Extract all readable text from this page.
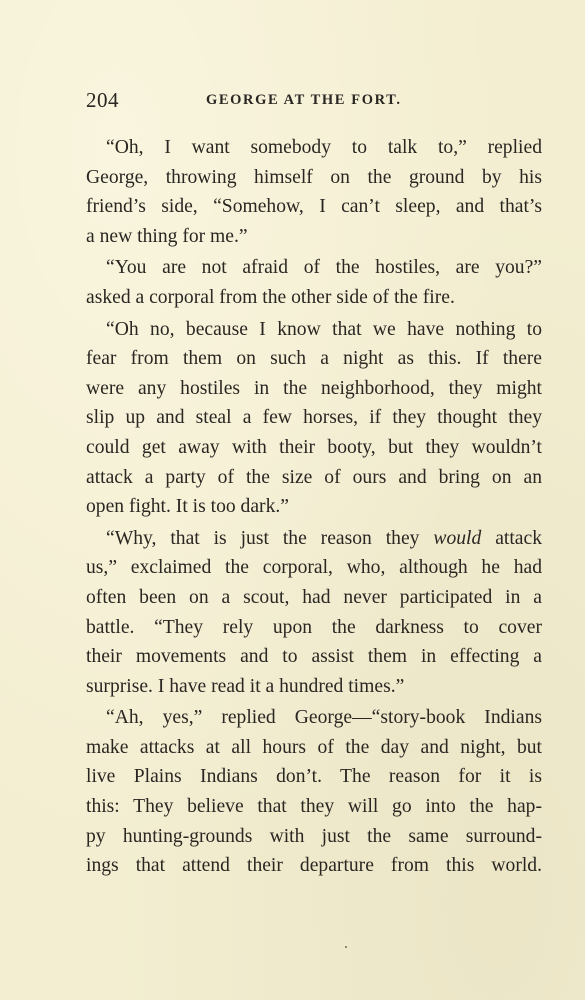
204	GEORGE AT THE FORT.
“Oh, I want somebody to talk to,” replied
George, throwing himself on the ground by his
friend’s side, “Somehow, I can’t sleep, and that’s
a new thing for me.”
“You are not afraid of the hostiles, are you?”
asked a corporal from the other side of the fire.
“Oh no, because I know that we have nothing to
fear from them on such a night as this. If there
were any hostiles in the neighborhood, they might
slip up and steal a few horses, if they thought they
could get away with their booty, but they wouldn’t
attack a party of the size of ours and bring on an
open fight. It is too dark.”
“Why, that is just the reason they would attack
us,” exclaimed the corporal, who, although he had
often been on a scout, had never participated in a
battle. “They rely upon the darkness to cover
their movements and to assist them in effecting a
surprise. I have read it a hundred times.”
“Ah, yes,” replied George—“story-book Indians
make attacks at all hours of the day and night, but
live Plains Indians don’t. The reason for it is
this: They believe that they will go into the hap-
py hunting-grounds with just the same surround-
ings that attend their departure from this world.
